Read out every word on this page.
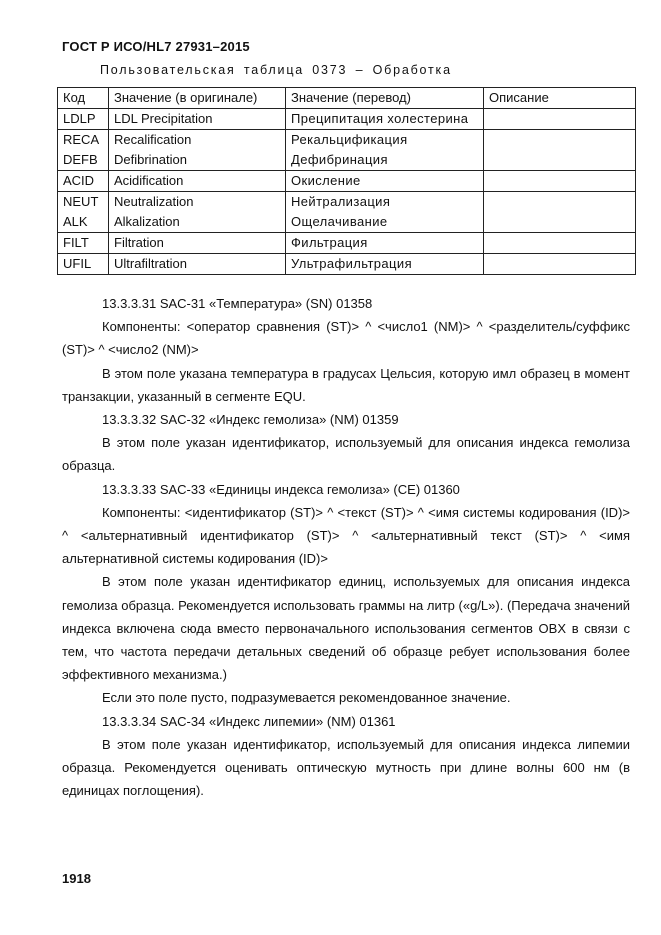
ГОСТ Р ИСО/HL7 27931–2015
Пользовательская таблица 0373 – Обработка
Код	Значение (в оригинале)	Значение (перевод)	Описание
LDLP	LDL Precipitation	Преципитация холестерина	
RECA	Recalification	Рекальцификация	
DEFB	Defibrination	Дефибринация	
ACID	Acidification	Окисление	
NEUT	Neutralization	Нейтрализация	
ALK	Alkalization	Ощелачивание	
FILT	Filtration	Фильтрация	
UFIL	Ultrafiltration	Ультрафильтрация	

13.3.3.31 SAC-31 «Температура» (SN) 01358

Компоненты: <оператор сравнения (ST)> ^ <число1 (NM)> ^ <разделитель/суффикс (ST)> ^ <число2 (NM)>

В этом поле указана температура в градусах Цельсия, которую имл образец в момент транзакции, указанный в сегменте EQU.

13.3.3.32 SAC-32 «Индекс гемолиза» (NM) 01359

В этом поле указан идентификатор, используемый для описания индекса гемолиза образца.

13.3.3.33 SAC-33 «Единицы индекса гемолиза» (CE) 01360

Компоненты: <идентификатор (ST)> ^ <текст (ST)> ^ <имя системы кодирования (ID)> ^ <альтернативный идентификатор (ST)> ^ <альтернативный текст (ST)> ^ <имя альтернативной системы кодирования (ID)>

В этом поле указан идентификатор единиц, используемых для описания индекса гемолиза образца. Рекомендуется использовать граммы на литр («g/L»). (Передача значений индекса включена сюда вместо первоначального использования сегментов OBX в связи с тем, что частота передачи детальных сведений об образце ребует использования более эффективного механизма.)

Если это поле пусто, подразумевается рекомендованное значение.

13.3.3.34 SAC-34 «Индекс липемии» (NM) 01361

В этом поле указан идентификатор, используемый для описания индекса липемии образца. Рекомендуется оценивать оптическую мутность при длине волны 600 нм (в единицах поглощения).

1918
